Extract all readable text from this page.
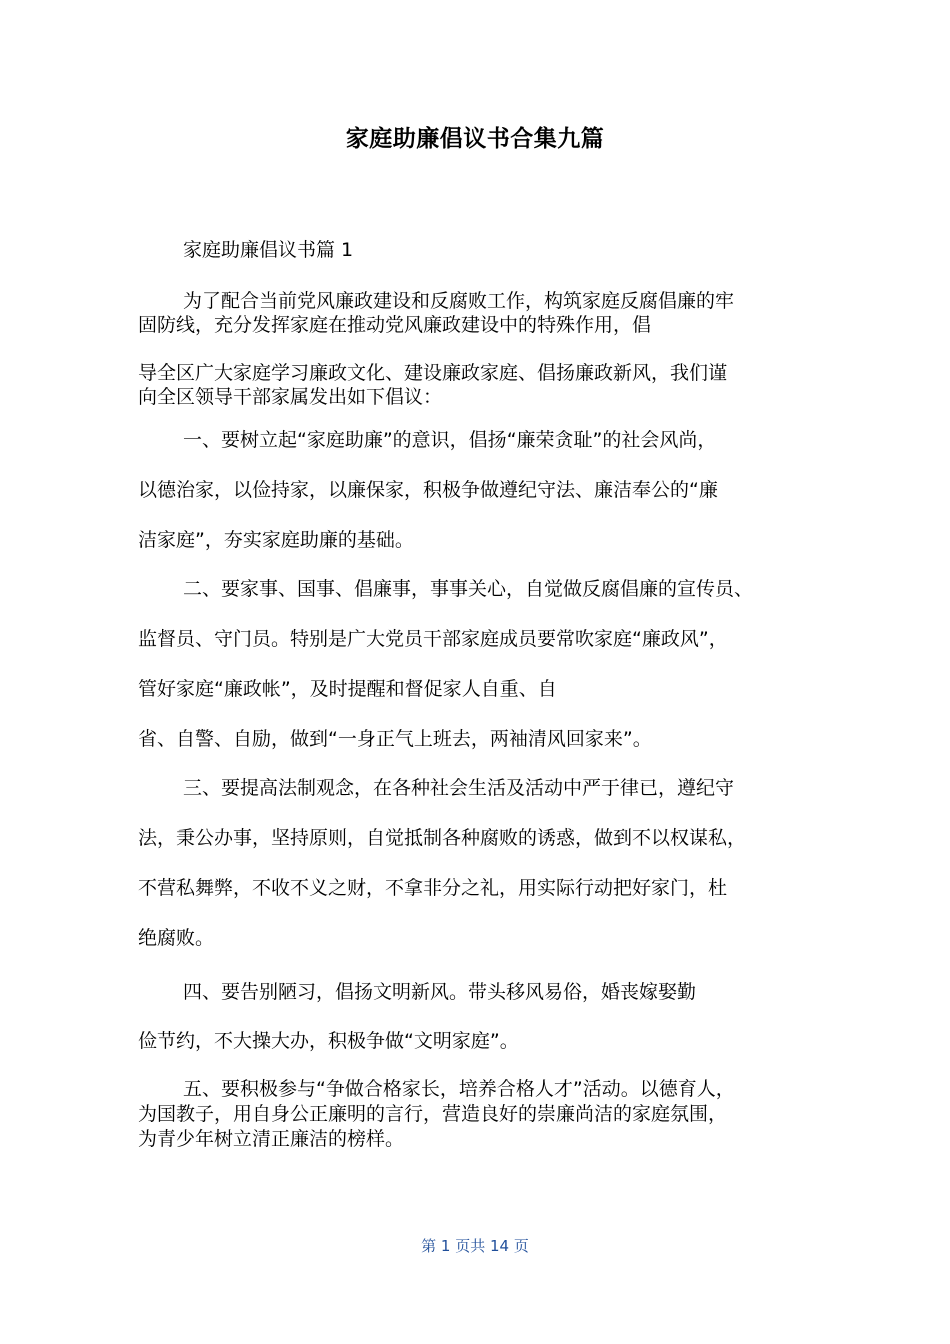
家庭助廉倡议书合集九篇
家庭助廉倡议书篇 1
为了配合当前党风廉政建设和反腐败工作，构筑家庭反腐倡廉的牢
固防线，充分发挥家庭在推动党风廉政建设中的特殊作用，倡
导全区广大家庭学习廉政文化、建设廉政家庭、倡扬廉政新风，我们谨
向全区领导干部家属发出如下倡议：
一、要树立起“家庭助廉”的意识，倡扬“廉荣贪耻”的社会风尚，
以德治家，以俭持家，以廉保家，积极争做遵纪守法、廉洁奉公的“廉
洁家庭”，夯实家庭助廉的基础。
二、要家事、国事、倡廉事，事事关心，自觉做反腐倡廉的宣传员、
监督员、守门员。特别是广大党员干部家庭成员要常吹家庭“廉政风”，
管好家庭“廉政帐”，及时提醒和督促家人自重、自
省、自警、自励，做到“一身正气上班去，两袖清风回家来”。
三、要提高法制观念，在各种社会生活及活动中严于律已，遵纪守
法，秉公办事，坚持原则，自觉抵制各种腐败的诱惑，做到不以权谋私，
不营私舞弊，不收不义之财，不拿非分之礼，用实际行动把好家门，杜
绝腐败。
四、要告别陋习，倡扬文明新风。带头移风易俗，婚丧嫁娶勤
俭节约，不大操大办，积极争做“文明家庭”。
五、要积极参与“争做合格家长，培养合格人才”活动。以德育人，
为国教子，用自身公正廉明的言行，营造良好的崇廉尚洁的家庭氛围，
为青少年树立清正廉洁的榜样。
第 1 页共 14 页
